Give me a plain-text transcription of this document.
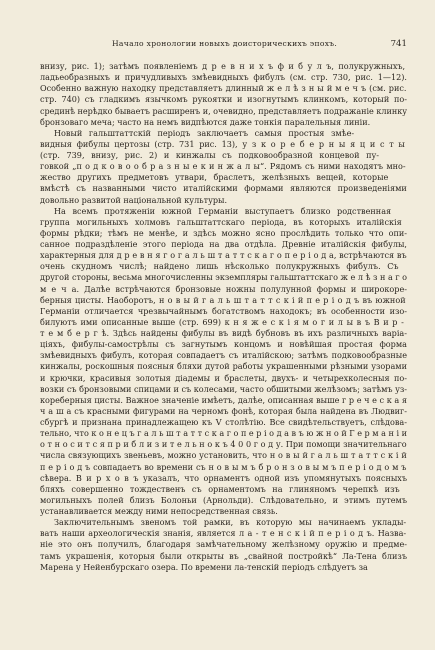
Начало хронологии новыхъ доисторическихъ эпохъ.	741
внизу, рис. 1); затѣмъ появленіемъ д р е в н и х ъ ф и б у л ъ, полукружныхъ,
ладьеобразныхъ и причудливыхъ змѣевидныхъ фибулъ (см. стр. 730, рис. 1—12).
Особенно важную находку представляетъ длинный ж е л ѣ з н ы й м е ч ъ (см. рис.
стр. 740) съ гладкимъ язычкомъ рукоятки и изогнутымъ клинкомъ, который по-
срединѣ нерѣдко бываетъ расширенъ и, очевидно, представляетъ подражаніе клинку
бронзоваго меча; часто на немъ видпѣются даже тонкія паралельныя линіи.
Новый гальштаттскій періодъ заключаетъ самыя простыя змѣе-
видныя фибулы цертозы (стр. 731 рис. 13), у з к о р е б е р н ы я ц и с т ы
(стр. 739, внизу, рис. 2) и кинжалы съ подковообразной концевой пу-
говкой „п о д к о в о о б р а з н ы е к и н ж а л ы“. Рядомъ съ ними находятъ мно-
жество другихъ предметовъ утвари, браслетъ, желѣзныхъ вещей, которые
вмѣстѣ съ названными чисто италійскими формами являются произведеніями
довольно развитой національной культуры.
На всемъ протяженіи южной Германіи выступаетъ близко родственная
группа могильныхъ холмовъ гальштаттскаго періода, въ которыхъ италійскія
формы рѣдки; тѣмъ не менѣе, и здѣсь можно ясно прослѣдить только что опи-
санное подраздѣленіе этого періода на два отдѣла. Древніе италійскія фибулы,
характерныя для д р е в н я г о г а л ь ш т а т т с к а г о п е р і о д а, встрѣчаются въ
очень скудномъ числѣ; найдено лишь нѣсколько полукружныхъ фибулъ. Съ
другой стороны, весьма многочисленны экземпляры гальштаттскаго ж е л ѣ з н а г о
м е ч а. Далѣе встрѣчаются бронзовые ножны полулунной формы и широкоре-
берныя цисты. Наоборотъ, н о в ы й г а л ь ш т а т т с к і й п е р і о д ъ въ южной
Германіи отличается чрезвычайнымъ богатствомъ находокъ; въ особенности изо-
билуютъ ими описанные выше (стр. 699) к н я ж е с к і я м о г и л ы в ъ В и р -
т е м б е р г ѣ. Здѣсь найдены фибулы въ видѣ бубновъ въ ихъ различныхъ варіа-
ціяхъ, фибулы-самострѣлы съ загнутымъ концомъ и новѣйшая простая форма
змѣевидныхъ фибулъ, которая совпадаетъ съ италійскою; затѣмъ подковообразные
кинжалы, роскошныя поясныя бляхи дутой работы украшенными рѣзными узорами
и крючки, красивыя золотыя діадемы и браслеты, двухъ- и четырехколесныя по-
возки съ бронзовыми спицами и съ колесами, часто обшитыми желѣзомъ; затѣмъ уз-
кореберныя цисты. Важное значеніе имѣетъ, далѣе, описанная выше г р е ч е с к а я
ч а ш а съ красными фигурами на черномъ фонѣ, которая была найдена въ Людвиг-
сбургѣ и признана принадлежащею къ V столѣтію. Все свидѣтельствуетъ, слѣдова-
тельно, что к о н е ц ъ г а л ь ш т а т т с к а г о п е р і о д а в ъ ю ж н о й Г е р м а н і и
о т н о с и т с я п р и б л и з и т е л ь н о к ъ 4 0 0 г о д у. При помощи значительнаго
числа связующихъ звеньевъ, можно установить, что н о в ы й г а л ь ш т а т т с к і й
п е р і о д ъ совпадаетъ во времени съ н о в ы м ъ б р о н з о в ы м ъ п е р і о д о м ъ
сѣвера. В и р х о в ъ указалъ, что орнаментъ одной изъ упомянутыхъ поясныхъ
бляхъ совершенно тождественъ съ орнаментомъ на глиняномъ черепкѣ изъ
могильныхъ полей близъ Болоньи (Арнольди). Слѣдовательно, и этимъ путемъ
устанавливается между ними непосредственная связь.
Заключительнымъ звеномъ той рамки, въ которую мы начинаемъ уклады-
вать наши археологическія знанія, является л а - т е н с к і й п е р і о д ъ. Назва-
ніе это онъ получилъ, благодаря замѣчательному желѣзному оружію и предме-
тамъ украшенія, которыя были открыты въ „свайной постройкѣ“ Ла-Тена близъ
Марена у Нейенбурскаго озера. По времени ла-тенскій періодъ слѣдуетъ за
